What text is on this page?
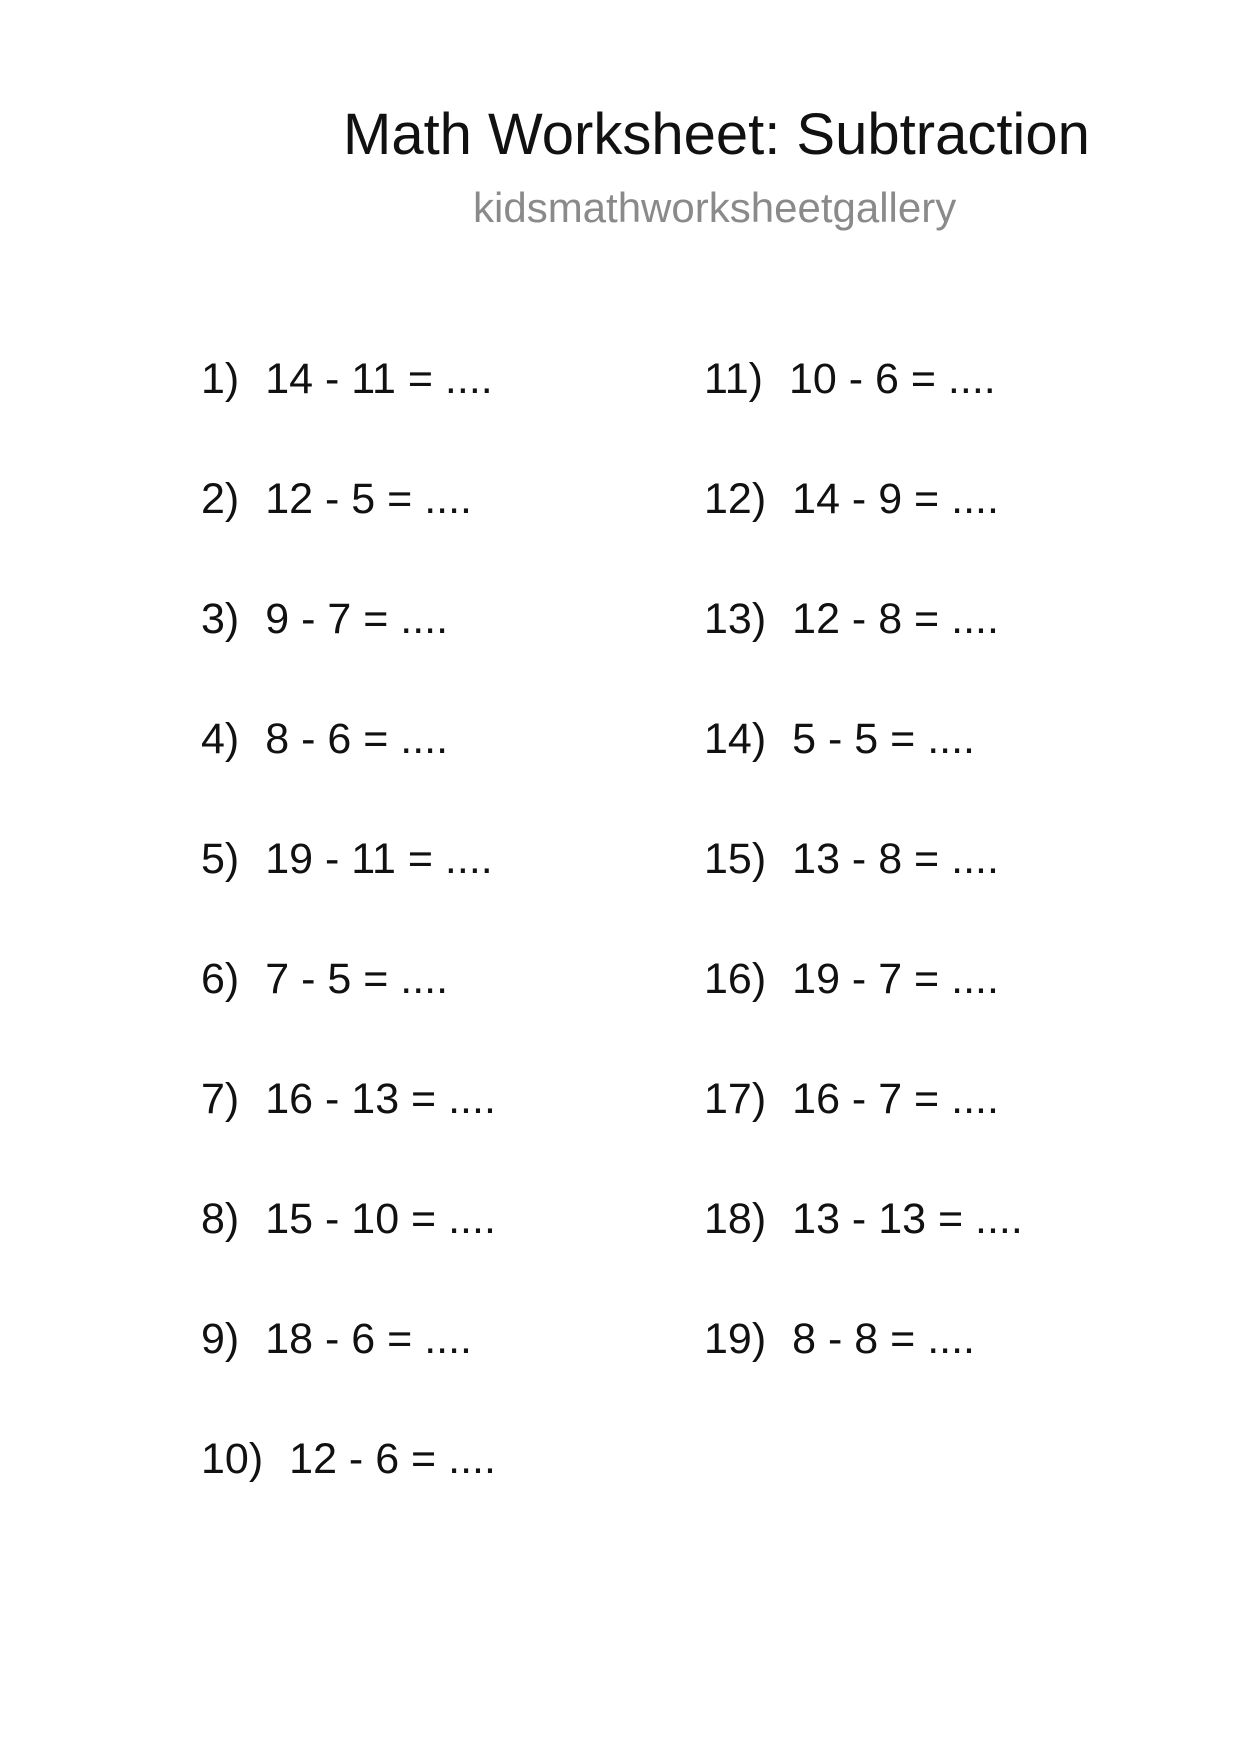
Math Worksheet: Subtraction
kidsmathworksheetgallery
1) 14 - 11 = ....
2) 12 - 5 = ....
3) 9 - 7 = ....
4) 8 - 6 = ....
5) 19 - 11 = ....
6) 7 - 5 = ....
7) 16 - 13 = ....
8) 15 - 10 = ....
9) 18 - 6 = ....
10) 12 - 6 = ....
11) 10 - 6 = ....
12) 14 - 9 = ....
13) 12 - 8 = ....
14) 5 - 5 = ....
15) 13 - 8 = ....
16) 19 - 7 = ....
17) 16 - 7 = ....
18) 13 - 13 = ....
19) 8 - 8 = ....
